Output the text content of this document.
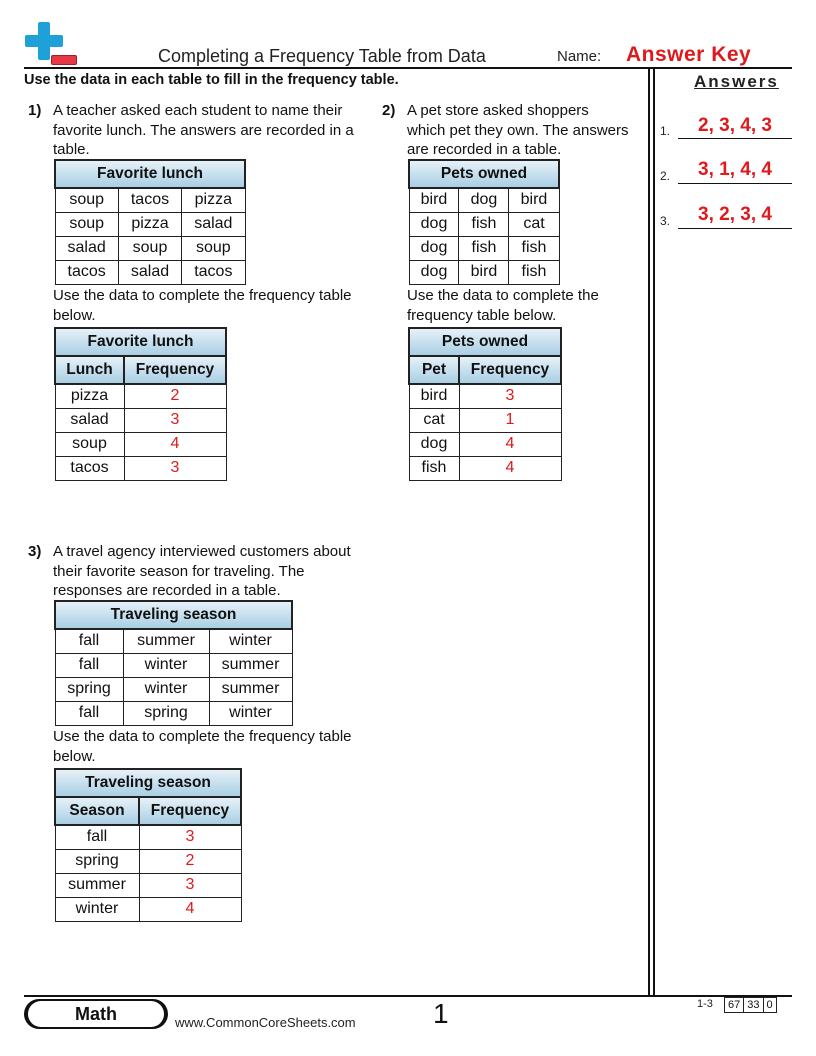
Completing a Frequency Table from Data	Name: Answer Key
Use the data in each table to fill in the frequency table.	Answers
1.	2, 3, 4, 3
2.	3, 1, 4, 4
3.	3, 2, 3, 4
1) A teacher asked each student to name their
favorite lunch. The answers are recorded in a
table.
Favorite lunch		
soup	tacos	pizza
soup	pizza	salad
salad	soup	soup
tacos	salad	tacos
Use the data to complete the frequency table
below.
Favorite lunch	
Lunch	Frequency
pizza	2
salad	3
soup	4
tacos	3
2) A pet store asked shoppers
which pet they own. The answers
are recorded in a table.
Pets owned		
bird	dog	bird
dog	fish	cat
dog	fish	fish
dog	bird	fish
Use the data to complete the
frequency table below.
Pets owned	
Pet	Frequency
bird	3
cat	1
dog	4
fish	4
3) A travel agency interviewed customers about
their favorite season for traveling. The
responses are recorded in a table.
Traveling season		
fall	summer	winter
fall	winter	summer
spring	winter	summer
fall	spring	winter
Use the data to complete the frequency table
below.
Traveling season	
Season	Frequency
fall	3
spring	2
summer	3
winter	4
Math	www.CommonCoreSheets.com	1	1-3 67	33	0
